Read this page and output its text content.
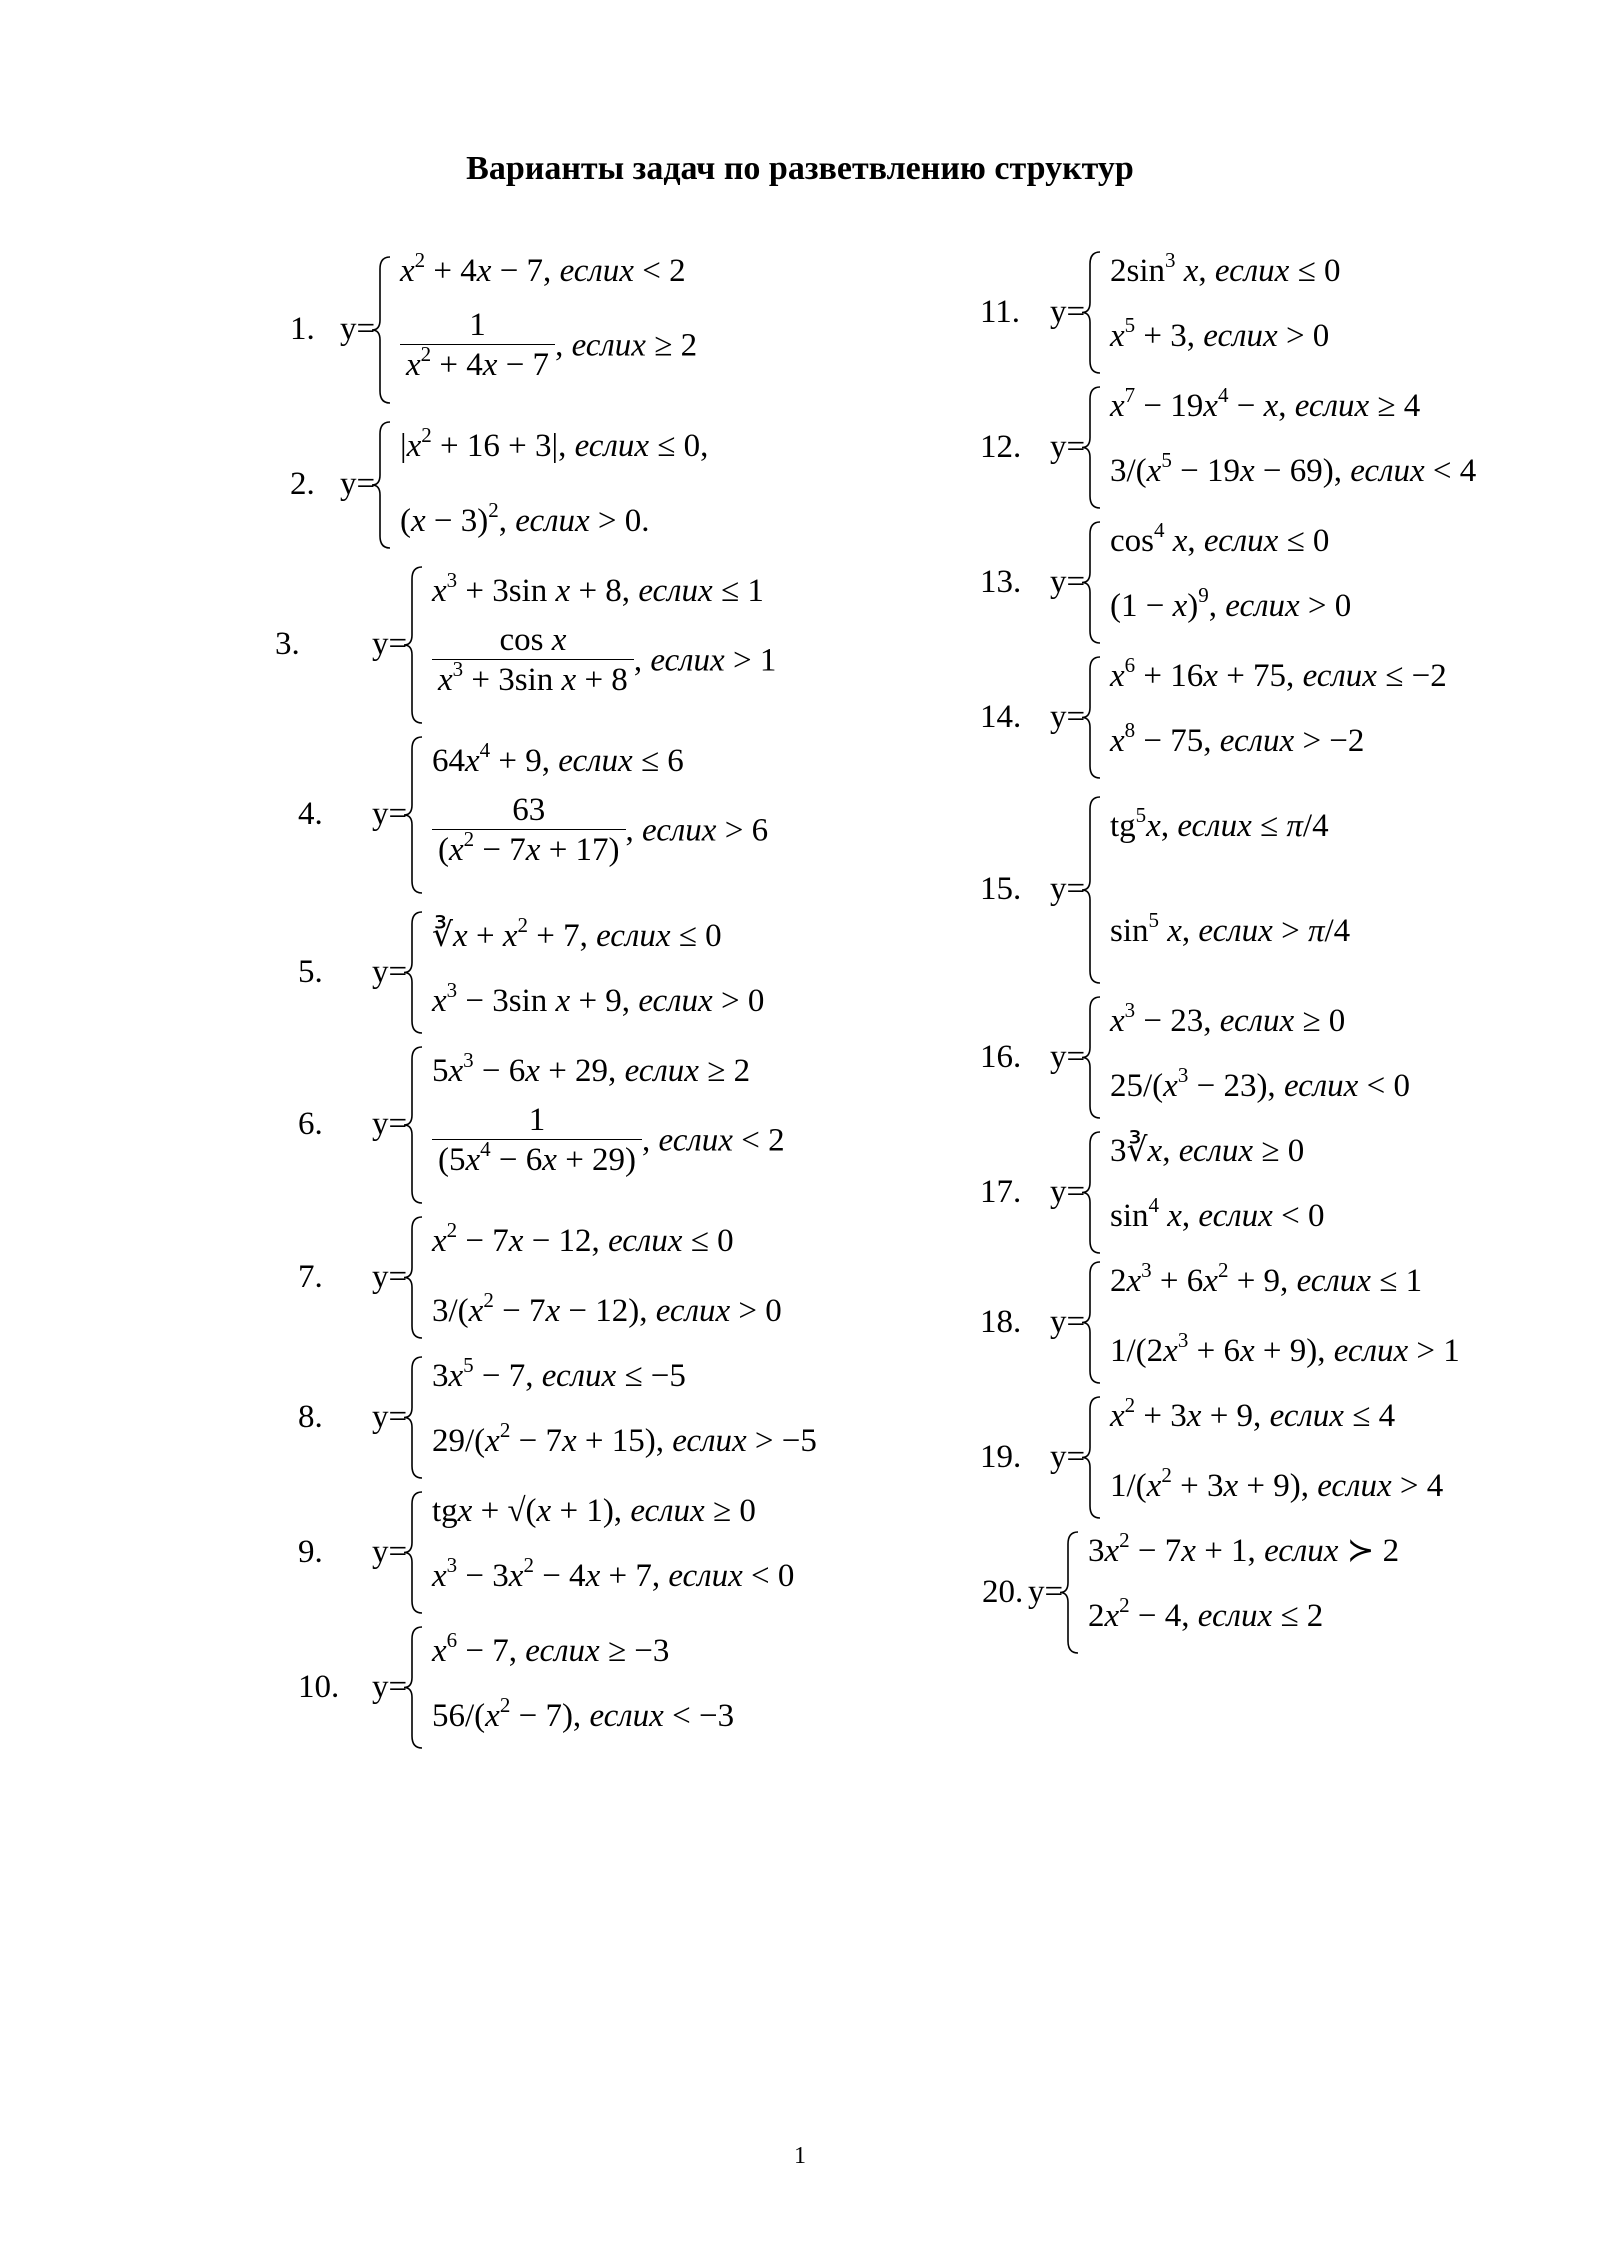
Варианты задач по разветвлению структур
1. y=
$x^2 + 4x - 7$, еслих < 2
$\frac{1}{x^2 + 4x - 7}$ , еслих ≥ 2
2. y=
$|x^2 + 16 + 3|$, еслих ≤ 0,
$(x - 3)^2$, еслих > 0.
3. y=
$x^3 + 3\sin$ x + 8, еслих ≤ 1
$\frac{\text{cos x}}{x^3 + 3\sin x + 8}$ , еслих > 1
4. y=
$64x^4 + 9$, еслих ≤ 6
$\frac{63}{(x^2 - 7x + 17)}$ , еслих > 6
5. y=
∛x + $x^2 + 7$, еслих ≤ 0
$x^3 - 3\sin$ x + 9, еслих > 0
6. y=
$5x^3 - 6x + 29$, еслих ≥ 2
$\frac{1}{(5x^4 - 6x + 29)}$ , еслих < 2
7. y=
$x^2 - 7x - 12$, еслих ≤ 0
$3/(x^2 - 7x - 12)$, еслих > 0
8. y=
$3x^5 - 7$, еслих ≤ −5
$29/(x^2 - 7x + 15)$, еслих > −5
9. y=
tgx + √(x + 1), еслих ≥ 0
$x^3 - 3x^2 - 4x + 7$, еслих < 0
10. y=
$x^6 - 7$, еслих ≥ −3
$56/(x^2 - 7)$, еслих < −3
11. y=
$2\sin^3$ x, еслих ≤ 0
$x^5 + 3$, еслих > 0
12. y=
$x^7 - 19x^4 - x$, еслих ≥ 4
$3/(x^5 - 19x - 69)$, еслих < 4
13. y=
$\cos^4 x$, еслих ≤ 0
$(1 - x)^9$, еслих > 0
14. y=
$x^6 + 16x + 75$, еслих ≤ −2
$x^8 - 75$, еслих > −2
15. y=
$tg^5x$, еслих ≤ π/4
$\sin^5 x$, еслих > π/4
16. y=
$x^3 - 23$, еслих ≥ 0
$25/(x^3 - 23)$, еслих < 0
17. y=
3∛x, еслих ≥ 0
$\sin^4 x$, еслих < 0
18. y=
$2x^3 + 6x^2 + 9$, еслих ≤ 1
$1/(2x^3 + 6x + 9)$, еслих > 1
19. y=
$x^2 + 3x + 9$, еслих ≤ 4
$1/(x^2 + 3x + 9)$, еслих > 4
20. y=
$3x^2 - 7x + 1$, еслих ≻ 2
$2x^2 - 4$, еслих ≤ 2
1
